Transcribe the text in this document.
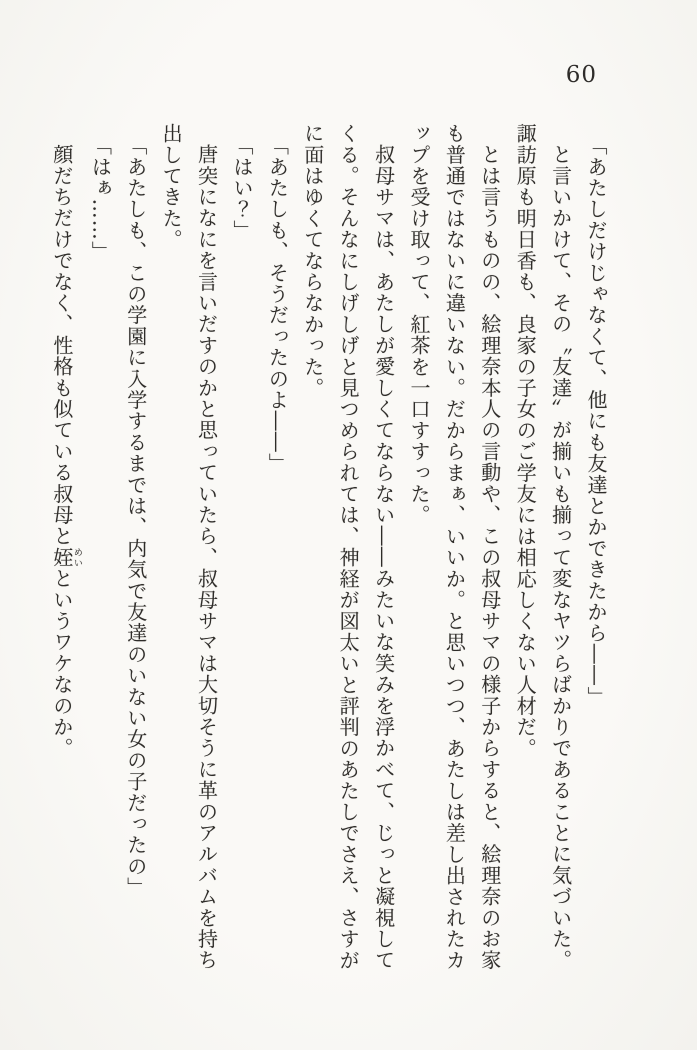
60

「あたしだけじゃなくて、他にも友達とかできたから――」

と言いかけて、その〝友達〟が揃いも揃って変なヤツらばかりであることに気づいた。

諏訪原も明日香も、良家の子女のご学友には相応しくない人材だ。

とは言うものの、絵理奈本人の言動や、この叔母サマの様子からすると、絵理奈のお家

も普通ではないに違いない。だからまぁ、いいか。と思いつつ、あたしは差し出されたカ

ップを受け取って、紅茶を一口すすった。

叔母サマは、あたしが愛しくてならない――みたいな笑みを浮かべて、じっと凝視して

くる。そんなにしげしげと見つめられては、神経が図太いと評判のあたしでさえ、さすが

に面はゆくてならなかった。

「あたしも、そうだったのよ――」

「はい？」

唐突になにを言いだすのかと思っていたら、叔母サマは大切そうに革のアルバムを持ち

出してきた。

「あたしも、この学園に入学するまでは、内気で友達のいない女の子だったの」

「はぁ……」

顔だちだけでなく、性格も似ている叔母と姪めいというワケなのか。
